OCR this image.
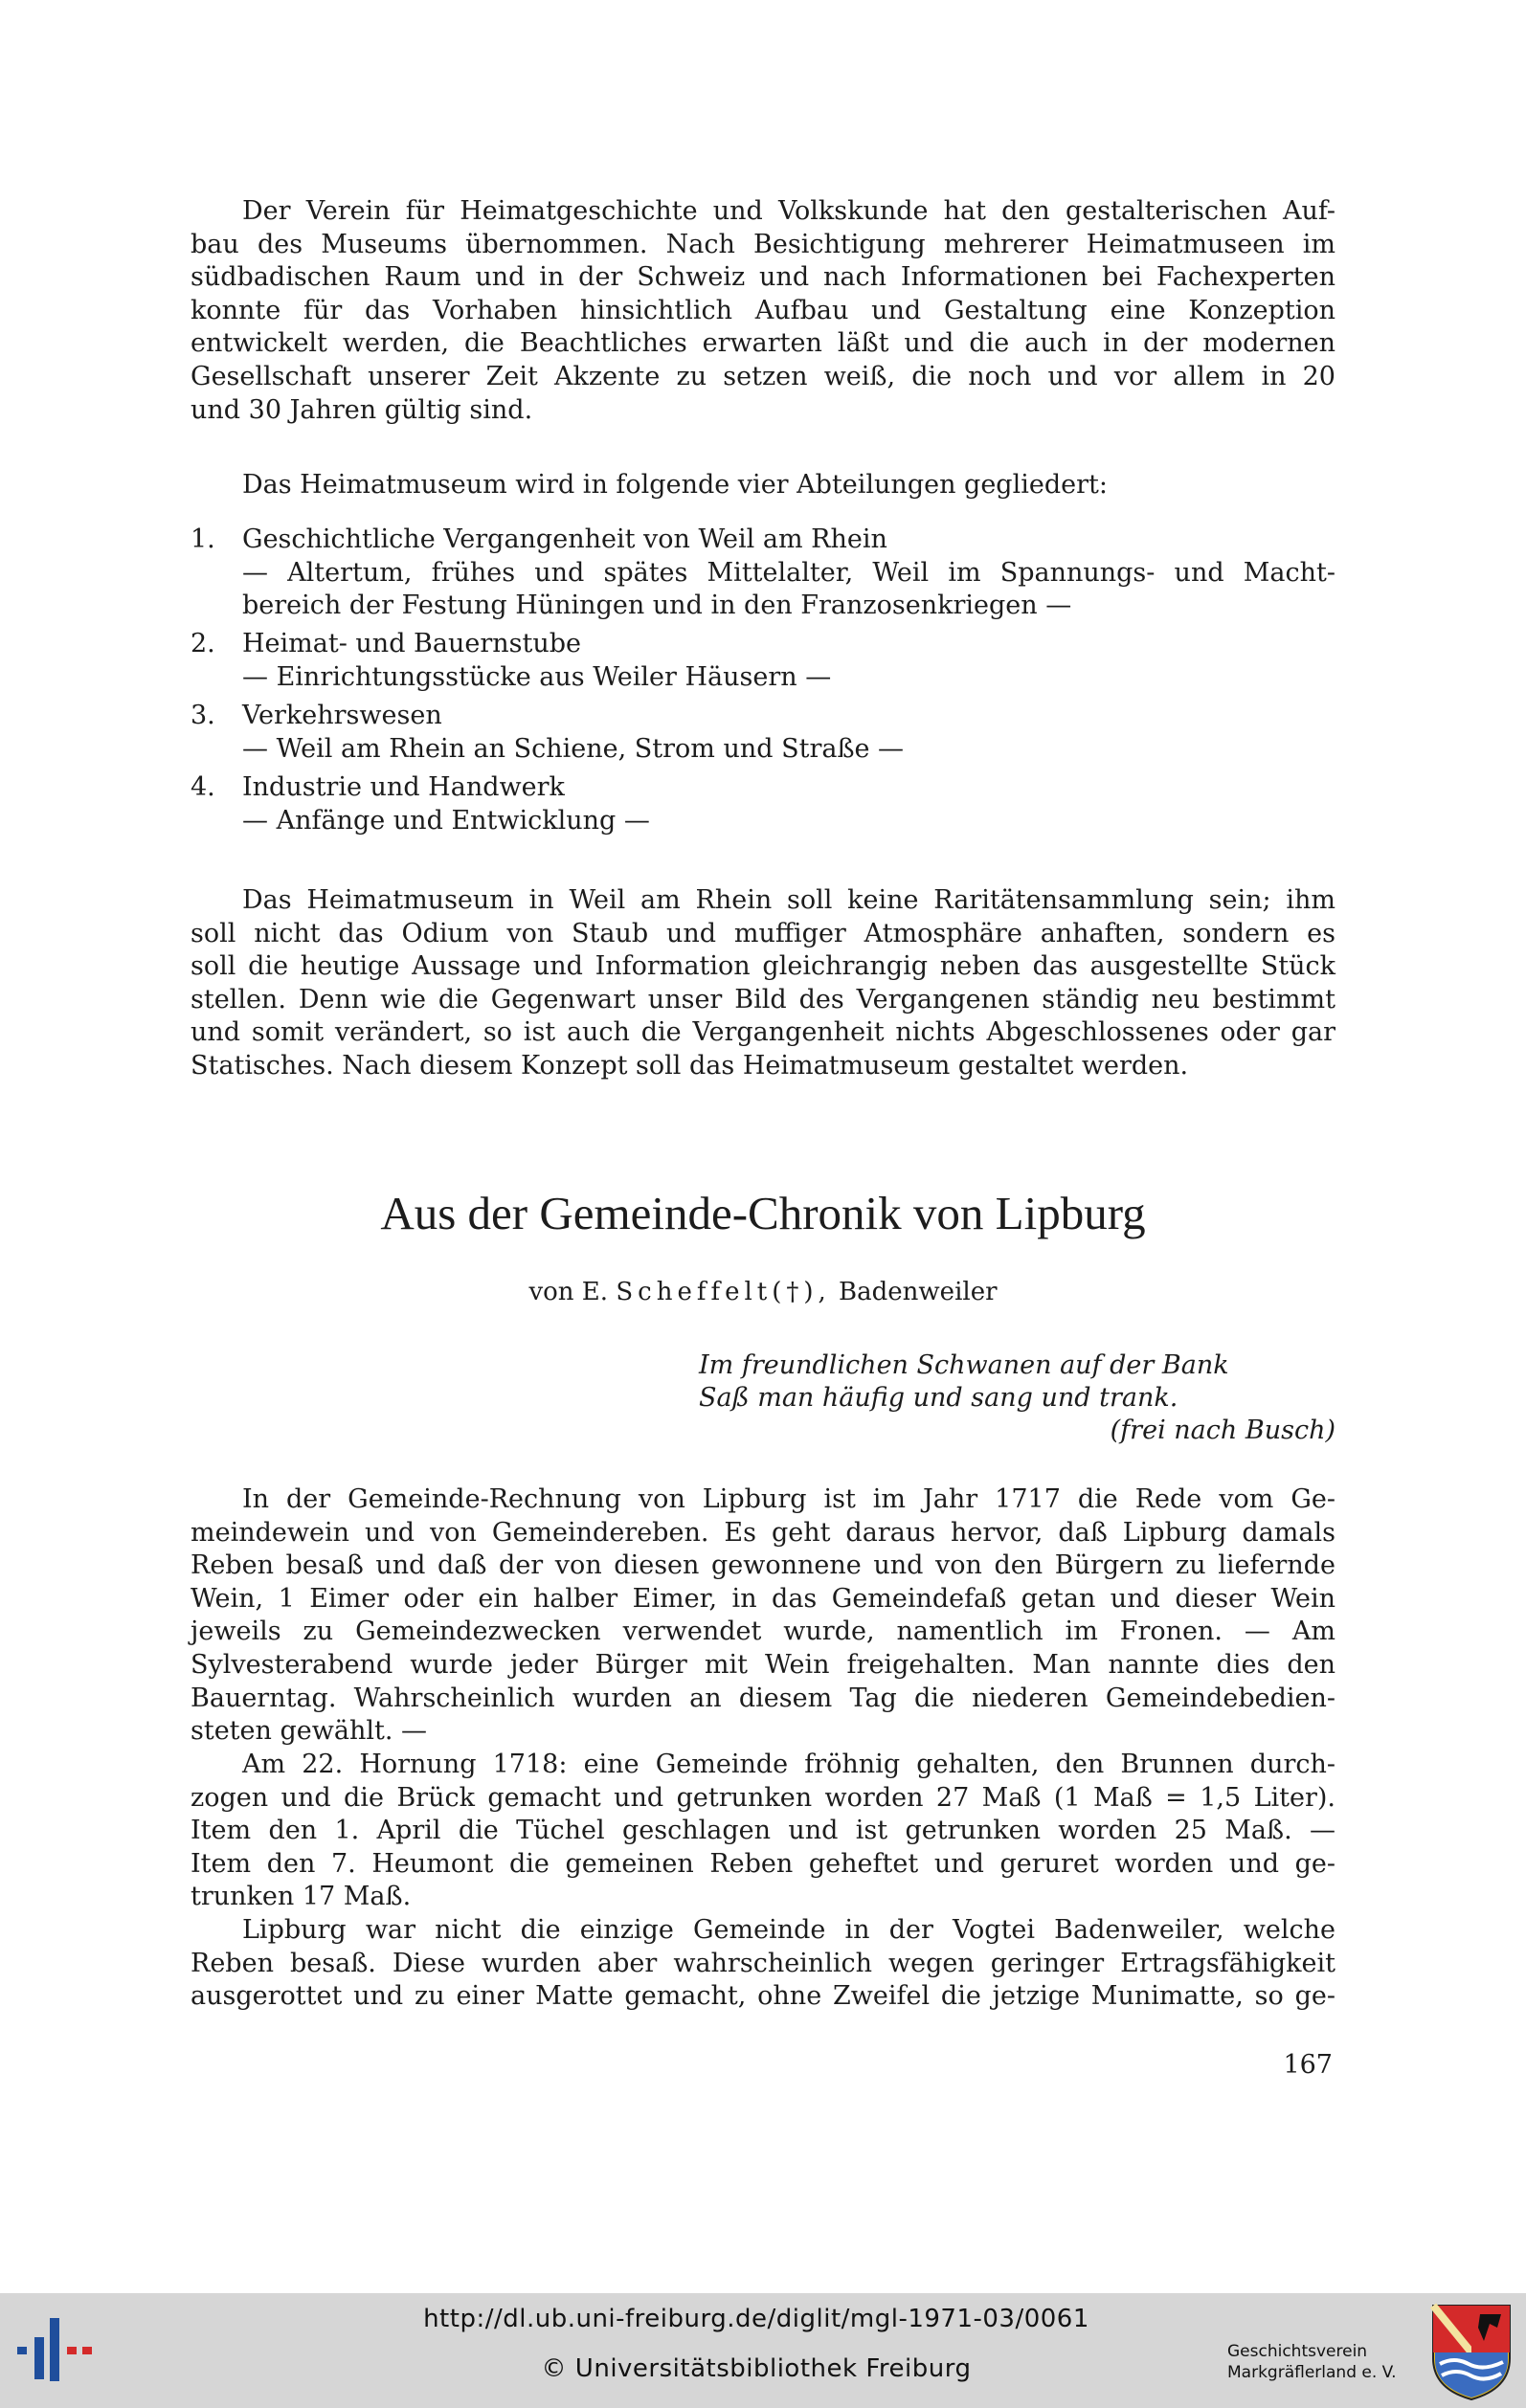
Der Verein für Heimatgeschichte und Volkskunde hat den gestalterischen Auf-

bau des Museums übernommen. Nach Besichtigung mehrerer Heimatmuseen im

südbadischen Raum und in der Schweiz und nach Informationen bei Fachexperten

konnte für das Vorhaben hinsichtlich Aufbau und Gestaltung eine Konzeption

entwickelt werden, die Beachtliches erwarten läßt und die auch in der modernen

Gesellschaft unserer Zeit Akzente zu setzen weiß, die noch und vor allem in 20

und 30 Jahren gültig sind.

Das Heimatmuseum wird in folgende vier Abteilungen gegliedert:

1. Geschichtliche Vergangenheit von Weil am Rhein
— Altertum, frühes und spätes Mittelalter, Weil im Spannungs- und Macht-
bereich der Festung Hüningen und in den Franzosenkriegen —
2. Heimat- und Bauernstube
— Einrichtungsstücke aus Weiler Häusern —
3. Verkehrswesen
— Weil am Rhein an Schiene, Strom und Straße —
4. Industrie und Handwerk
— Anfänge und Entwicklung —

Das Heimatmuseum in Weil am Rhein soll keine Raritätensammlung sein; ihm

soll nicht das Odium von Staub und muffiger Atmosphäre anhaften, sondern es

soll die heutige Aussage und Information gleichrangig neben das ausgestellte Stück

stellen. Denn wie die Gegenwart unser Bild des Vergangenen ständig neu bestimmt

und somit verändert, so ist auch die Vergangenheit nichts Abgeschlossenes oder gar

Statisches. Nach diesem Konzept soll das Heimatmuseum gestaltet werden.

Aus der Gemeinde-Chronik von Lipburg
von E. Scheffelt(†), Badenweiler
Im freundlichen Schwanen auf der Bank
Saß man häufig und sang und trank.
(frei nach Busch)

In der Gemeinde-Rechnung von Lipburg ist im Jahr 1717 die Rede vom Ge-

meindewein und von Gemeindereben. Es geht daraus hervor, daß Lipburg damals

Reben besaß und daß der von diesen gewonnene und von den Bürgern zu liefernde

Wein, 1 Eimer oder ein halber Eimer, in das Gemeindefaß getan und dieser Wein

jeweils zu Gemeindezwecken verwendet wurde, namentlich im Fronen. — Am

Sylvesterabend wurde jeder Bürger mit Wein freigehalten. Man nannte dies den

Bauerntag. Wahrscheinlich wurden an diesem Tag die niederen Gemeindebedien-

steten gewählt. —

Am 22. Hornung 1718: eine Gemeinde fröhnig gehalten, den Brunnen durch-

zogen und die Brück gemacht und getrunken worden 27 Maß (1 Maß = 1,5 Liter).

Item den 1. April die Tüchel geschlagen und ist getrunken worden 25 Maß. —

Item den 7. Heumont die gemeinen Reben geheftet und geruret worden und ge-

trunken 17 Maß.

Lipburg war nicht die einzige Gemeinde in der Vogtei Badenweiler, welche

Reben besaß. Diese wurden aber wahrscheinlich wegen geringer Ertragsfähigkeit

ausgerottet und zu einer Matte gemacht, ohne Zweifel die jetzige Munimatte, so ge-

167
http://dl.ub.uni-freiburg.de/diglit/mgl-1971-03/0061
© Universitätsbibliothek Freiburg
Geschichtsverein
Markgräflerland e. V.
